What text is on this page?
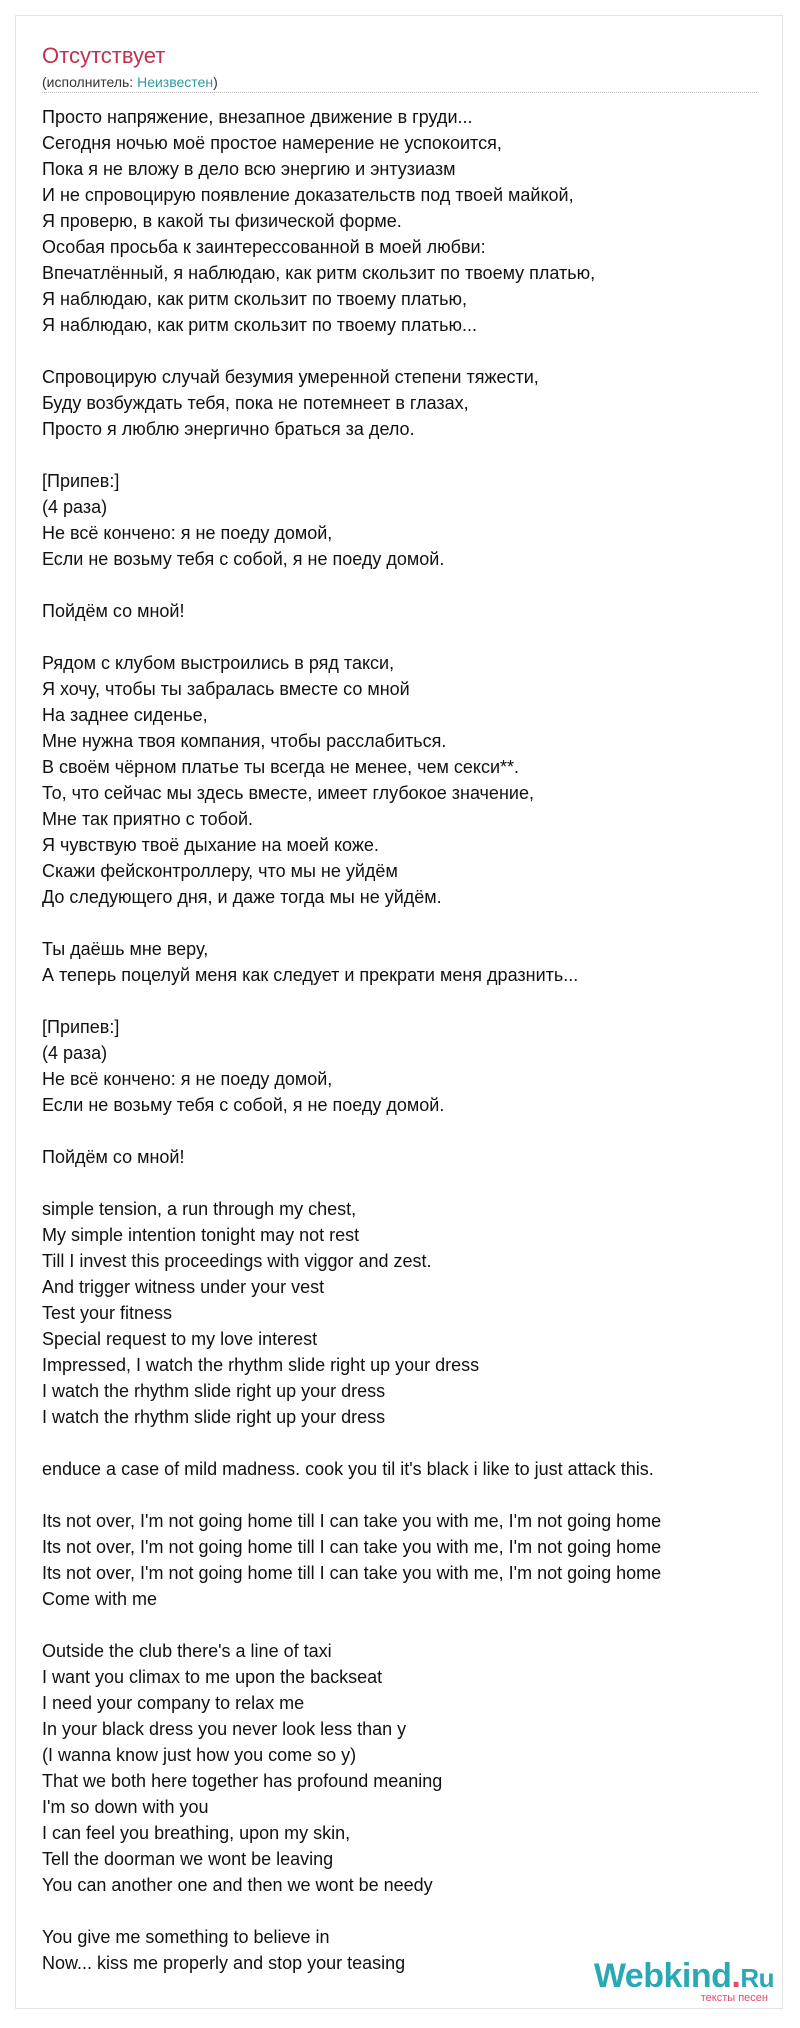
Отсутствует
(исполнитель: Неизвестен)
Просто напряжение, внезапное движение в груди...
Сегодня ночью моё простое намерение не успокоится,
Пока я не вложу в дело всю энергию и энтузиазм
И не спровоцирую появление доказательств под твоей майкой,
Я проверю, в какой ты физической форме.
Особая просьба к заинтерессованной в моей любви:
Впечатлённый, я наблюдаю, как ритм скользит по твоему платью,
Я наблюдаю, как ритм скользит по твоему платью,
Я наблюдаю, как ритм скользит по твоему платью...
Спровоцирую случай безумия умеренной степени тяжести,
Буду возбуждать тебя, пока не потемнеет в глазах,
Просто я люблю энергично браться за дело.
[Припев:]
(4 раза)
Не всё кончено: я не поеду домой,
Если не возьму тебя с собой, я не поеду домой.
Пойдём со мной!
Рядом с клубом выстроились в ряд такси,
Я хочу, чтобы ты забралась вместе со мной
На заднее сиденье,
Мне нужна твоя компания, чтобы расслабиться.
В своём чёрном платье ты всегда не менее, чем секси**.
То, что сейчас мы здесь вместе, имеет глубокое значение,
Мне так приятно с тобой.
Я чувствую твоё дыхание на моей коже.
Скажи фейсконтроллеру, что мы не уйдём
До следующего дня, и даже тогда мы не уйдём.
Ты даёшь мне веру,
А теперь поцелуй меня как следует и прекрати меня дразнить...
[Припев:]
(4 раза)
Не всё кончено: я не поеду домой,
Если не возьму тебя с собой, я не поеду домой.
Пойдём со мной!
simple tension, a run through my chest,
My simple intention tonight may not rest
Till I invest this proceedings with viggor and zest.
And trigger witness under your vest
Test your fitness
Special request to my love interest
Impressed, I watch the rhythm slide right up your dress
I watch the rhythm slide right up your dress
I watch the rhythm slide right up your dress
enduce a case of mild madness. cook you til it's black i like to just attack this.
Its not over, I'm not going home till I can take you with me, I'm not going home
Its not over, I'm not going home till I can take you with me, I'm not going home
Its not over, I'm not going home till I can take you with me, I'm not going home
Come with me
Outside the club there's a line of taxi
I want you climax to me upon the backseat
I need your company to relax me
In your black dress you never look less than y
(I wanna know just how you come so y)
That we both here together has profound meaning
I'm so down with you
I can feel you breathing, upon my skin,
Tell the doorman we wont be leaving
You can another one and then we wont be needy
You give me something to believe in
Now... kiss me properly and stop your teasing	Webkind.Ru
тексты песен
